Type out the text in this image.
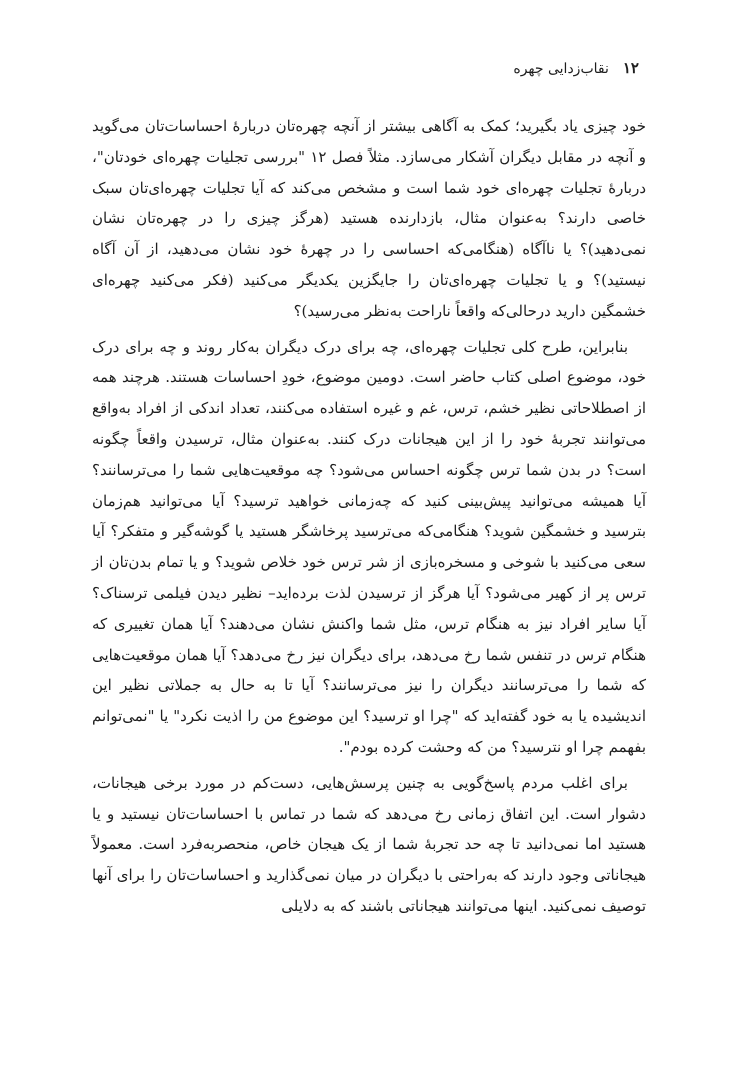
۱۲
نقاب‌زدایی چهره

خود چیزی یاد بگیرید؛ کمک به آگاهی بیشتر از آنچه چهره‌تان دربارهٔ احساسات‌تان می‌گوید و آنچه در مقابل دیگران آشکار می‌سازد. مثلاً فصل ۱۲ "بررسی تجلیات چهره‌ای خودتان"، دربارهٔ تجلیات چهره‌ای خود شما است و مشخص می‌کند که آیا تجلیات چهره‌ای‌تان سبک خاصی دارند؟ به‌عنوان مثال، بازدارنده هستید (هرگز چیزی را در چهره‌تان نشان نمی‌دهید)؟ یا ناآگاه (هنگامی‌که احساسی را در چهرهٔ خود نشان می‌دهید، از آن آگاه نیستید)؟ و یا تجلیات چهره‌ای‌تان را جایگزین یکدیگر می‌کنید (فکر می‌کنید چهره‌ای خشمگین دارید درحالی‌که واقعاً ناراحت به‌نظر می‌رسید)؟

بنابراین، طرح کلی تجلیات چهره‌ای، چه برای درک دیگران به‌کار روند و چه برای درک خود، موضوع اصلی کتاب حاضر است. دومین موضوع، خودِ احساسات هستند. هرچند همه از اصطلاحاتی نظیر خشم، ترس، غم و غیره استفاده می‌کنند، تعداد اندکی از افراد به‌واقع می‌توانند تجربهٔ خود را از این هیجانات درک کنند. به‌عنوان مثال، ترسیدن واقعاً چگونه است؟ در بدن شما ترس چگونه احساس می‌شود؟ چه موقعیت‌هایی شما را می‌ترسانند؟ آیا همیشه می‌توانید پیش‌بینی کنید که چه‌زمانی خواهید ترسید؟ آیا می‌توانید هم‌زمان بترسید و خشمگین شوید؟ هنگامی‌که می‌ترسید پرخاشگر هستید یا گوشه‌گیر و متفکر؟ آیا سعی می‌کنید با شوخی و مسخره‌بازی از شر ترس خود خلاص شوید؟ و یا تمام بدن‌تان از ترس پر از کهیر می‌شود؟ آیا هرگز از ترسیدن لذت برده‌اید– نظیر دیدن فیلمی ترسناک؟ آیا سایر افراد نیز به هنگام ترس، مثل شما واکنش نشان می‌دهند؟ آیا همان تغییری که هنگام ترس در تنفس شما رخ می‌دهد، برای دیگران نیز رخ می‌دهد؟ آیا همان موقعیت‌هایی که شما را می‌ترسانند دیگران را نیز می‌ترسانند؟ آیا تا به حال به جملاتی نظیر این اندیشیده یا به خود گفته‌اید که "چرا او ترسید؟ این موضوع من را اذیت نکرد" یا "نمی‌توانم بفهمم چرا او نترسید؟ من که وحشت کرده بودم".

برای اغلب مردم پاسخ‌گویی به چنین پرسش‌هایی، دست‌کم در مورد برخی هیجانات، دشوار است. این اتفاق زمانی رخ می‌دهد که شما در تماس با احساسات‌تان نیستید و یا هستید اما نمی‌دانید تا چه حد تجربهٔ شما از یک هیجان خاص، منحصربه‌فرد است. معمولاً هیجاناتی وجود دارند که به‌راحتی با دیگران در میان نمی‌گذارید و احساسات‌تان را برای آنها توصیف نمی‌کنید. اینها می‌توانند هیجاناتی باشند که به دلایلی
